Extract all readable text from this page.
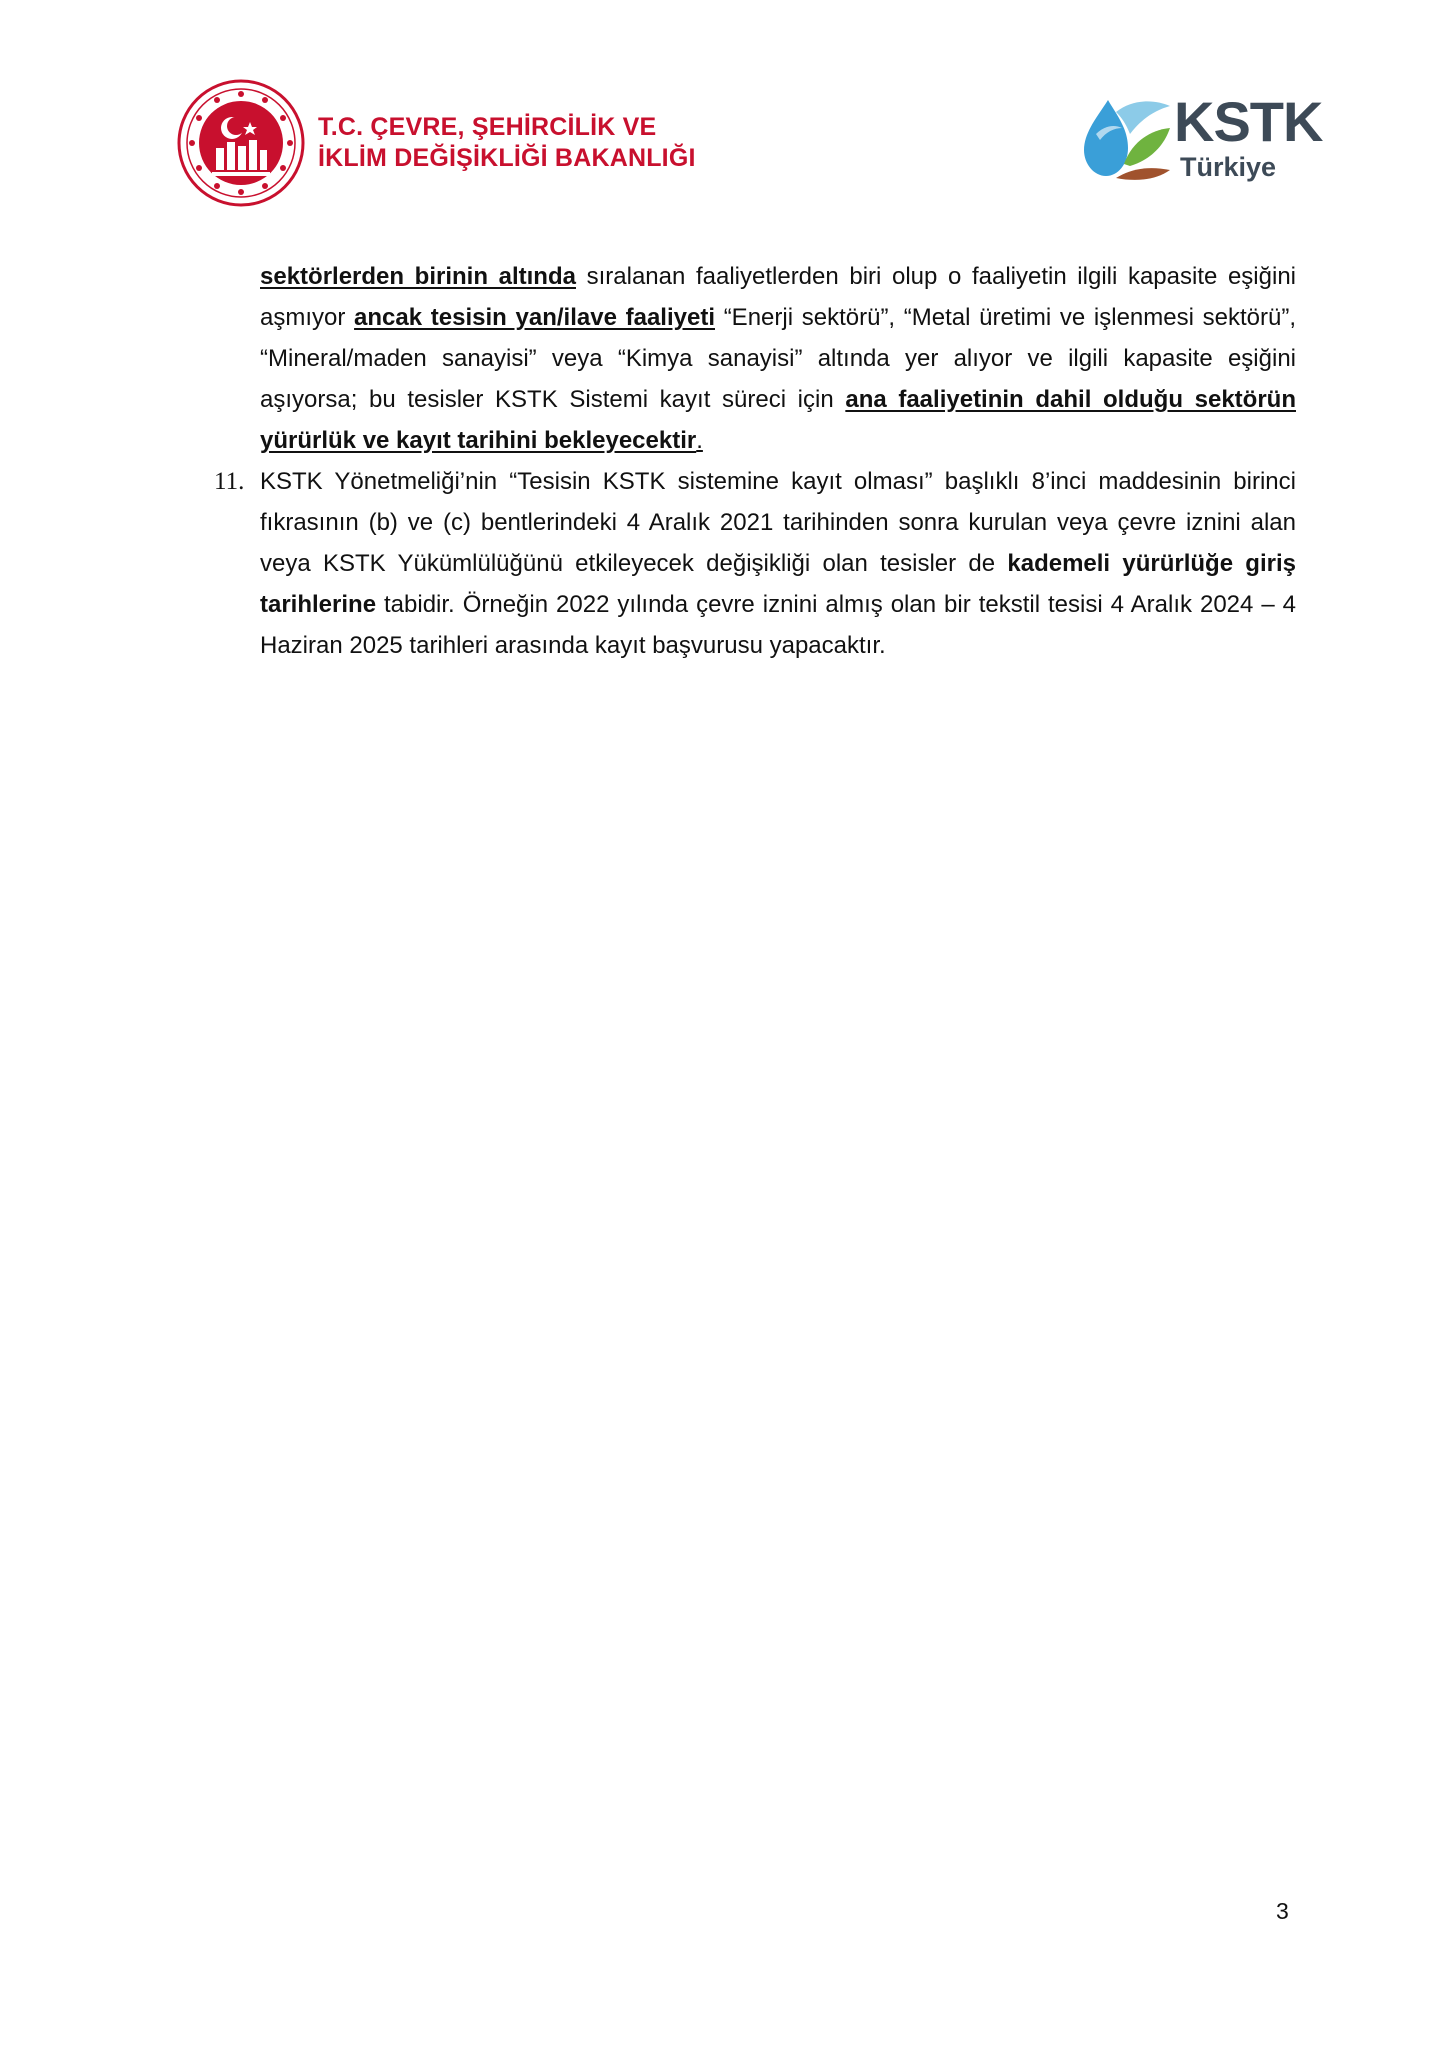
T.C. ÇEVRE, ŞEHİRCİLİK VE
İKLİM DEĞİŞİKLİĞİ BAKANLIĞI
KSTK
Türkiye

sektörlerden birinin altında sıralanan faaliyetlerden biri olup o faaliyetin ilgili kapasite eşiğini aşmıyor ancak tesisin yan/ilave faaliyeti “Enerji sektörü”, “Metal üretimi ve işlenmesi sektörü”, “Mineral/maden sanayisi” veya “Kimya sanayisi” altında yer alıyor ve ilgili kapasite eşiğini aşıyorsa; bu tesisler KSTK Sistemi kayıt süreci için ana faaliyetinin dahil olduğu sektörün yürürlük ve kayıt tarihini bekleyecektir.

11. KSTK Yönetmeliği’nin “Tesisin KSTK sistemine kayıt olması” başlıklı 8’inci maddesinin birinci fıkrasının (b) ve (c) bentlerindeki 4 Aralık 2021 tarihinden sonra kurulan veya çevre iznini alan veya KSTK Yükümlülüğünü etkileyecek değişikliği olan tesisler de kademeli yürürlüğe giriş tarihlerine tabidir. Örneğin 2022 yılında çevre iznini almış olan bir tekstil tesisi 4 Aralık 2024 – 4 Haziran 2025 tarihleri arasında kayıt başvurusu yapacaktır.

3
